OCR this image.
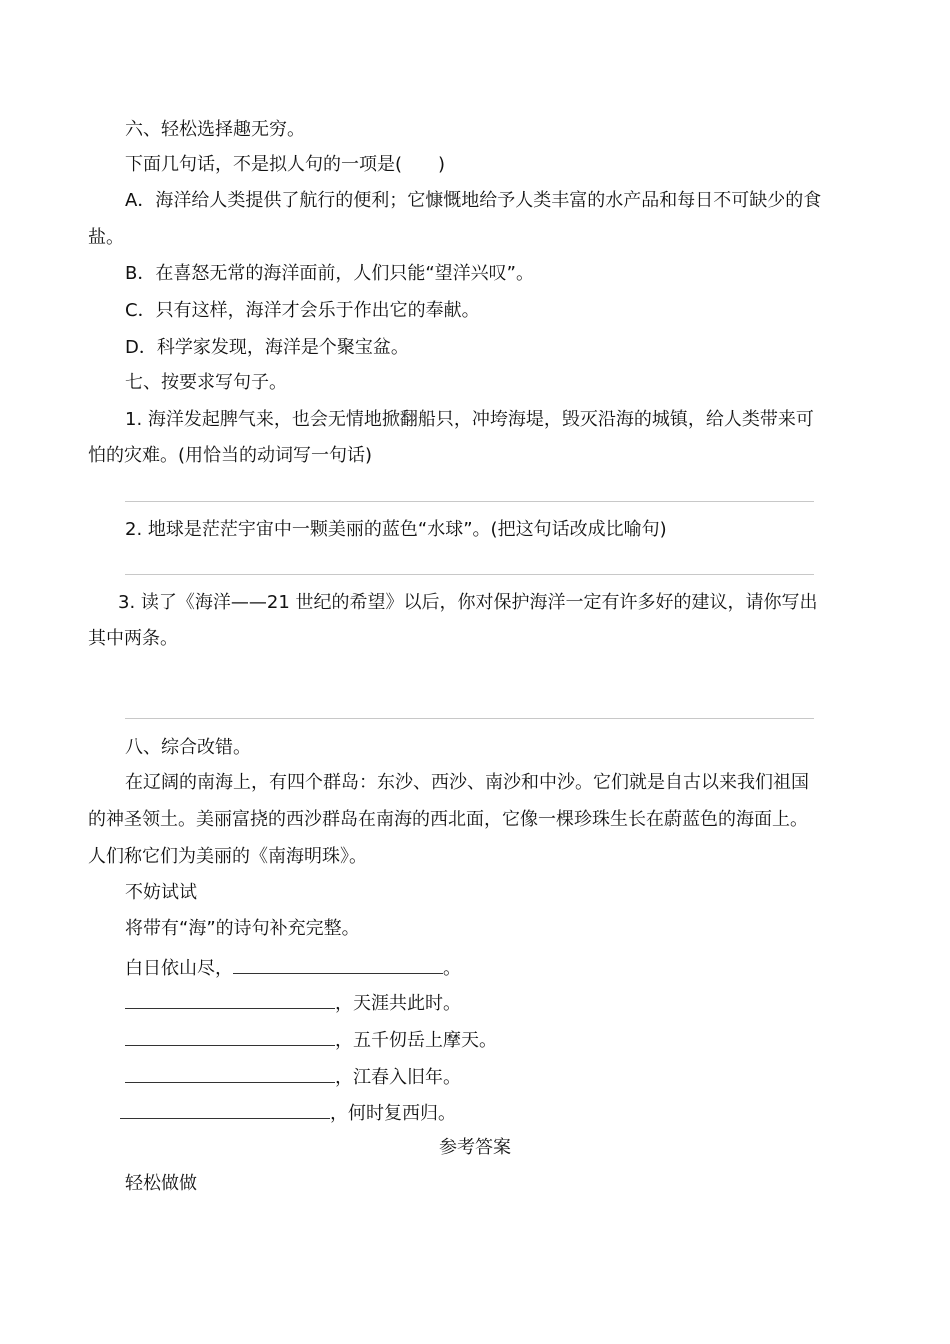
六、轻松选择趣无穷。
下面几句话，不是拟人句的一项是(　　)
A．海洋给人类提供了航行的便利；它慷慨地给予人类丰富的水产品和每日不可缺少的食
盐。
B．在喜怒无常的海洋面前，人们只能“望洋兴叹”。
C．只有这样，海洋才会乐于作出它的奉献。
D．科学家发现，海洋是个聚宝盆。
七、按要求写句子。
1. 海洋发起脾气来，也会无情地掀翻船只，冲垮海堤，毁灭沿海的城镇，给人类带来可
怕的灾难。(用恰当的动词写一句话)
2. 地球是茫茫宇宙中一颗美丽的蓝色“水球”。(把这句话改成比喻句)
3. 读了《海洋——21 世纪的希望》以后，你对保护海洋一定有许多好的建议，请你写出
其中两条。
八、综合改错。
在辽阔的南海上，有四个群岛：东沙、西沙、南沙和中沙。它们就是自古以来我们祖国
的神圣领土。美丽富挠的西沙群岛在南海的西北面，它像一棵珍珠生长在蔚蓝色的海面上。
人们称它们为美丽的《南海明珠》。
不妨试试
将带有“海”的诗句补充完整。
白日依山尽，	。
，天涯共此时。
，五千仞岳上摩天。
，江春入旧年。
，何时复西归。
参考答案
轻松做做
